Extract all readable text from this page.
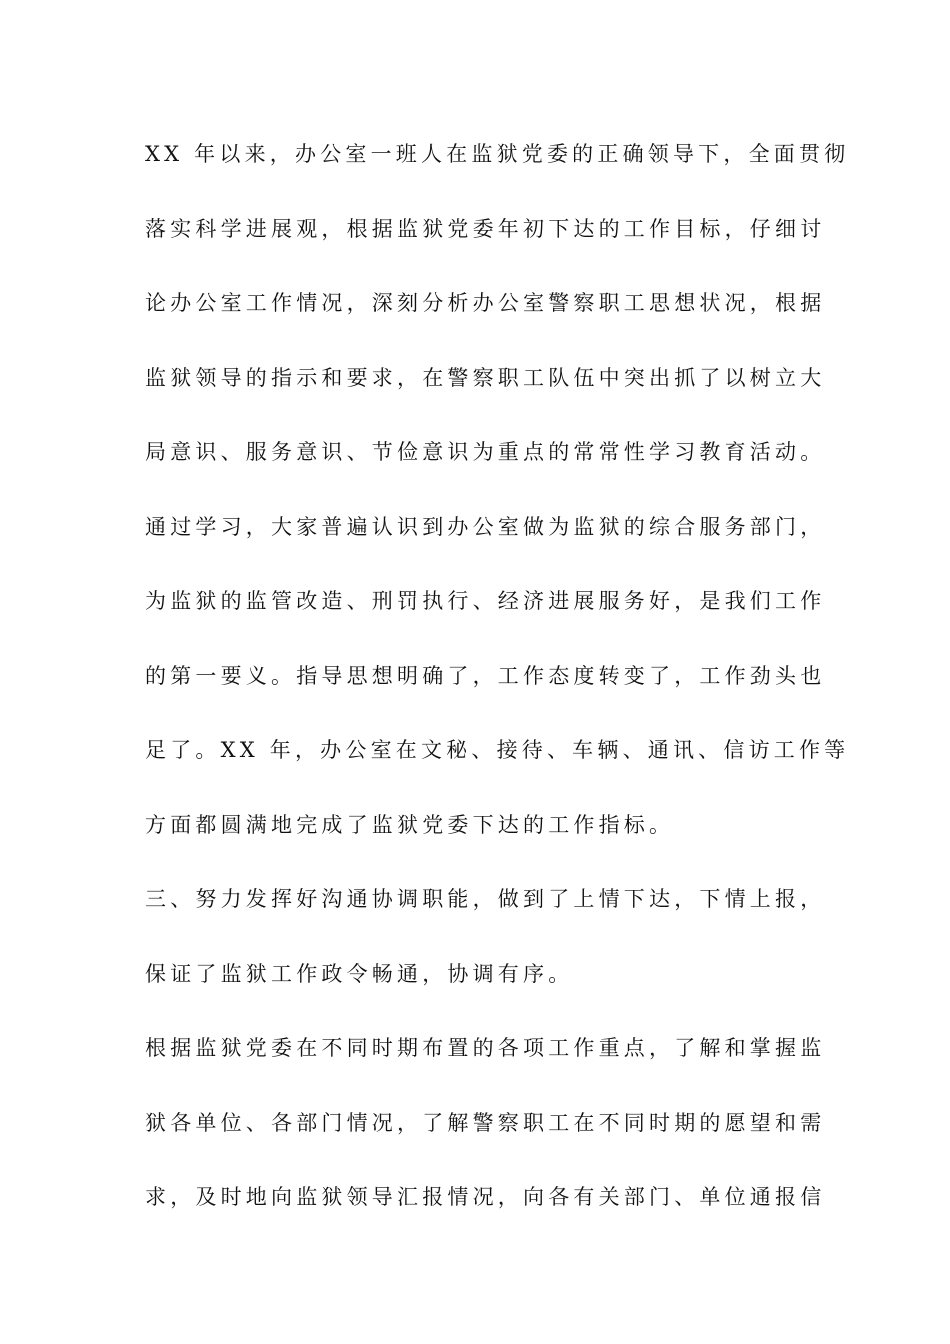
XX 年以来，办公室一班人在监狱党委的正确领导下，全面贯彻
落实科学进展观，根据监狱党委年初下达的工作目标，仔细讨
论办公室工作情况，深刻分析办公室警察职工思想状况，根据
监狱领导的指示和要求，在警察职工队伍中突出抓了以树立大
局意识、服务意识、节俭意识为重点的常常性学习教育活动。
通过学习，大家普遍认识到办公室做为监狱的综合服务部门，
为监狱的监管改造、刑罚执行、经济进展服务好，是我们工作
的第一要义。指导思想明确了，工作态度转变了，工作劲头也
足了。XX 年，办公室在文秘、接待、车辆、通讯、信访工作等
方面都圆满地完成了监狱党委下达的工作指标。
三、努力发挥好沟通协调职能，做到了上情下达，下情上报，
保证了监狱工作政令畅通，协调有序。
根据监狱党委在不同时期布置的各项工作重点，了解和掌握监
狱各单位、各部门情况，了解警察职工在不同时期的愿望和需
求，及时地向监狱领导汇报情况，向各有关部门、单位通报信
